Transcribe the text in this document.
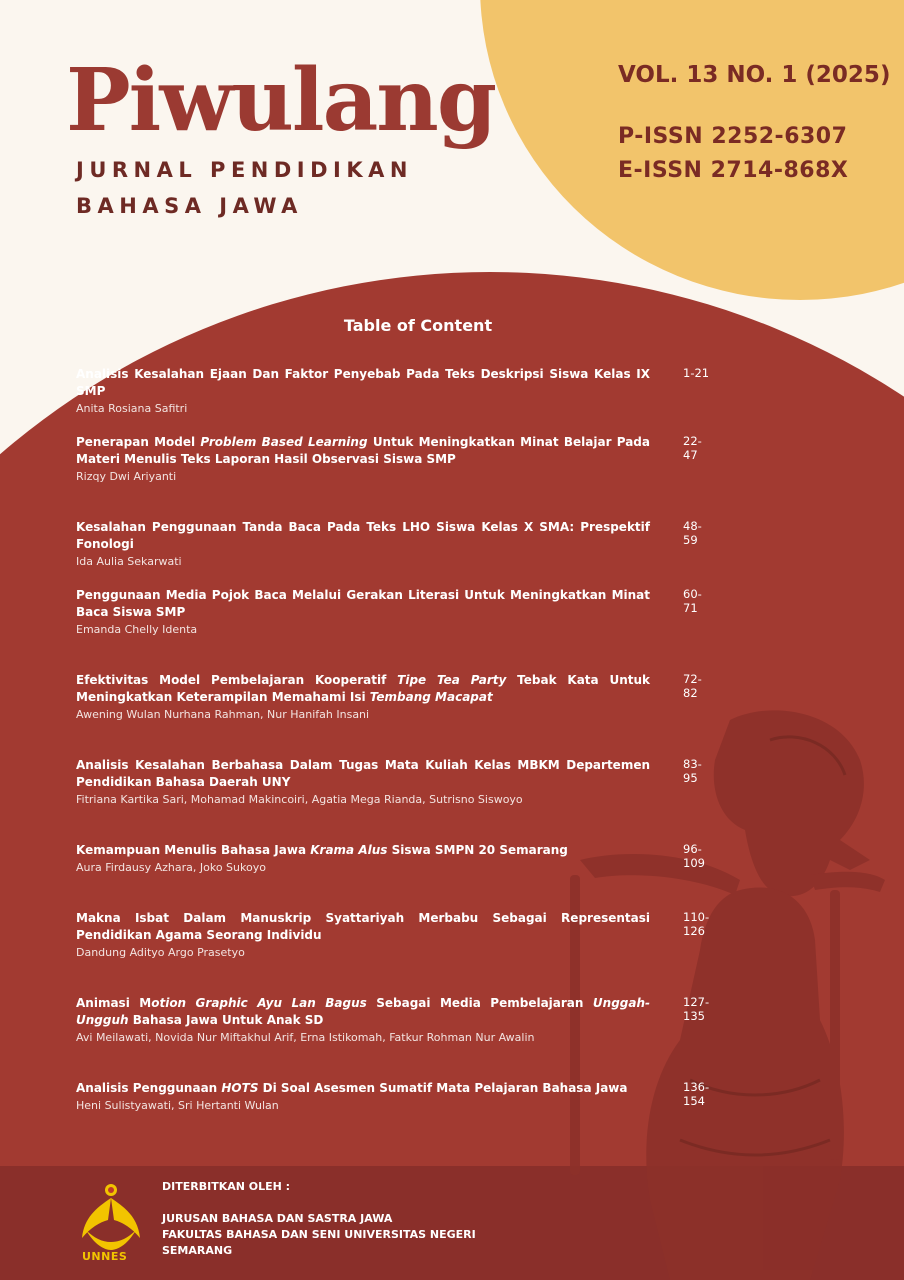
Piwulang
JURNAL PENDIDIKAN
BAHASA JAWA
VOL. 13 NO. 1 (2025)
P-ISSN 2252-6307
E-ISSN 2714-868X
Table of Content
Analisis Kesalahan Ejaan Dan Faktor Penyebab Pada Teks Deskripsi Siswa Kelas IX SMP
Anita Rosiana Safitri
1-21
Penerapan Model Problem Based Learning Untuk Meningkatkan Minat Belajar Pada Materi Menulis Teks Laporan Hasil Observasi Siswa SMP
Rizqy Dwi Ariyanti
22-47
Kesalahan Penggunaan Tanda Baca Pada Teks LHO Siswa Kelas X SMA: Prespektif Fonologi
Ida Aulia Sekarwati
48-59
Penggunaan Media Pojok Baca Melalui Gerakan Literasi Untuk Meningkatkan Minat Baca Siswa SMP
Emanda Chelly Identa
60-71
Efektivitas Model Pembelajaran Kooperatif Tipe Tea Party Tebak Kata Untuk Meningkatkan Keterampilan Memahami Isi Tembang Macapat
Awening Wulan Nurhana Rahman, Nur Hanifah Insani
72-82
Analisis Kesalahan Berbahasa Dalam Tugas Mata Kuliah Kelas MBKM Departemen Pendidikan Bahasa Daerah UNY
Fitriana Kartika Sari, Mohamad Makincoiri, Agatia Mega Rianda, Sutrisno Siswoyo
83-95
Kemampuan Menulis Bahasa Jawa Krama Alus Siswa SMPN 20 Semarang
Aura Firdausy Azhara, Joko Sukoyo
96-109
Makna Isbat Dalam Manuskrip Syattariyah Merbabu Sebagai Representasi Pendidikan Agama Seorang Individu
Dandung Adityo Argo Prasetyo
110-126
Animasi Motion Graphic Ayu Lan Bagus Sebagai Media Pembelajaran Unggah-Ungguh Bahasa Jawa Untuk Anak SD
Avi Meilawati, Novida Nur Miftakhul Arif, Erna Istikomah, Fatkur Rohman Nur Awalin
127-135
Analisis Penggunaan HOTS Di Soal Asesmen Sumatif Mata Pelajaran Bahasa Jawa
Heni Sulistyawati, Sri Hertanti Wulan
136-154
UNNES
DITERBITKAN OLEH :
JURUSAN BAHASA DAN SASTRA JAWA
FAKULTAS BAHASA DAN SENI UNIVERSITAS NEGERI
SEMARANG
